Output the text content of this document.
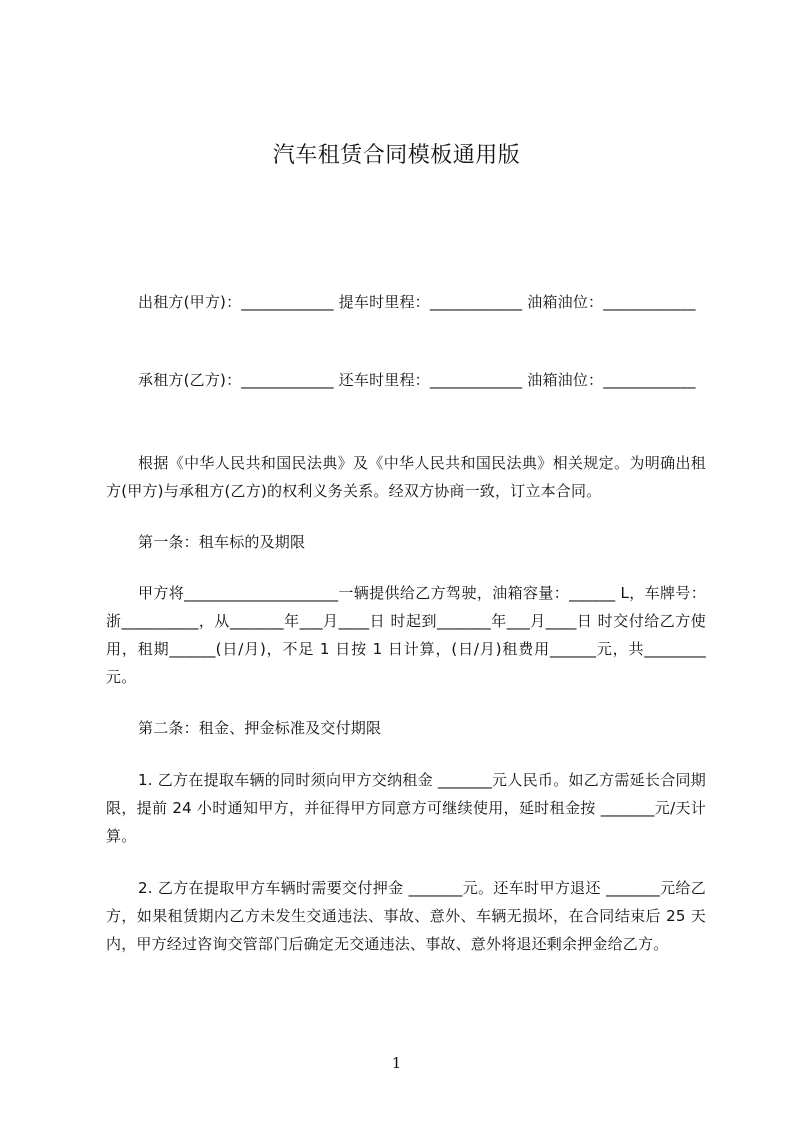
汽车租赁合同模板通用版

出租方(甲方)：____________ 提车时里程：____________ 油箱油位：____________

承租方(乙方)：____________ 还车时里程：____________ 油箱油位：____________

根据《中华人民共和国民法典》及《中华人民共和国民法典》相关规定。为明确出租方(甲方)与承租方(乙方)的权利义务关系。经双方协商一致，订立本合同。

第一条：租车标的及期限

甲方将____________________一辆提供给乙方驾驶，油箱容量：______ L，车牌号：浙__________，从_______年___月____日 时起到_______年___月____日 时交付给乙方使用，租期______(日/月)，不足 1 日按 1 日计算，(日/月)租费用______元，共________元。

第二条：租金、押金标准及交付期限

1. 乙方在提取车辆的同时须向甲方交纳租金 _______元人民币。如乙方需延长合同期限，提前 24 小时通知甲方，并征得甲方同意方可继续使用，延时租金按 _______元/天计算。

2. 乙方在提取甲方车辆时需要交付押金 _______元。还车时甲方退还 _______元给乙方，如果租赁期内乙方未发生交通违法、事故、意外、车辆无损坏，在合同结束后 25 天内，甲方经过咨询交管部门后确定无交通违法、事故、意外将退还剩余押金给乙方。

1
